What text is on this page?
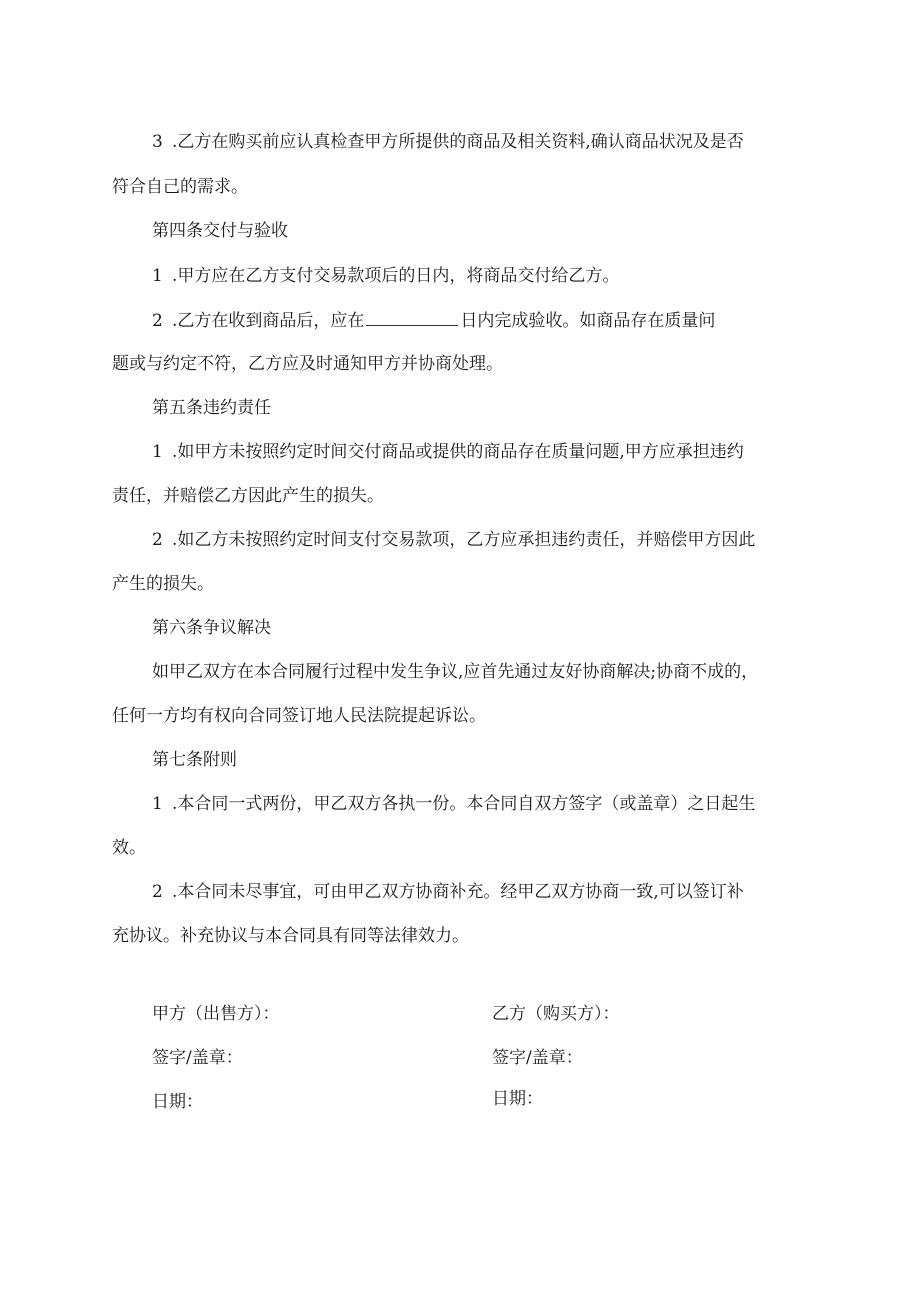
3 .乙方在购买前应认真检查甲方所提供的商品及相关资料,确认商品状况及是否
符合自己的需求。
第四条交付与验收
1 .甲方应在乙方支付交易款项后的日内，将商品交付给乙方。
2 .乙方在收到商品后，应在	日内完成验收。如商品存在质量问
题或与约定不符，乙方应及时通知甲方并协商处理。
第五条违约责任
1 .如甲方未按照约定时间交付商品或提供的商品存在质量问题,甲方应承担违约
责任，并赔偿乙方因此产生的损失。
2 .如乙方未按照约定时间支付交易款项，乙方应承担违约责任，并赔偿甲方因此
产生的损失。
第六条争议解决
如甲乙双方在本合同履行过程中发生争议,应首先通过友好协商解决;协商不成的，
任何一方均有权向合同签订地人民法院提起诉讼。
第七条附则
1 .本合同一式两份，甲乙双方各执一份。本合同自双方签字（或盖章）之日起生
效。
2 .本合同未尽事宜，可由甲乙双方协商补充。经甲乙双方协商一致,可以签订补
充协议。补充协议与本合同具有同等法律效力。
甲方（出售方）：	乙方（购买方）：
签字/盖章：	签字/盖章：
日期：	日期：
